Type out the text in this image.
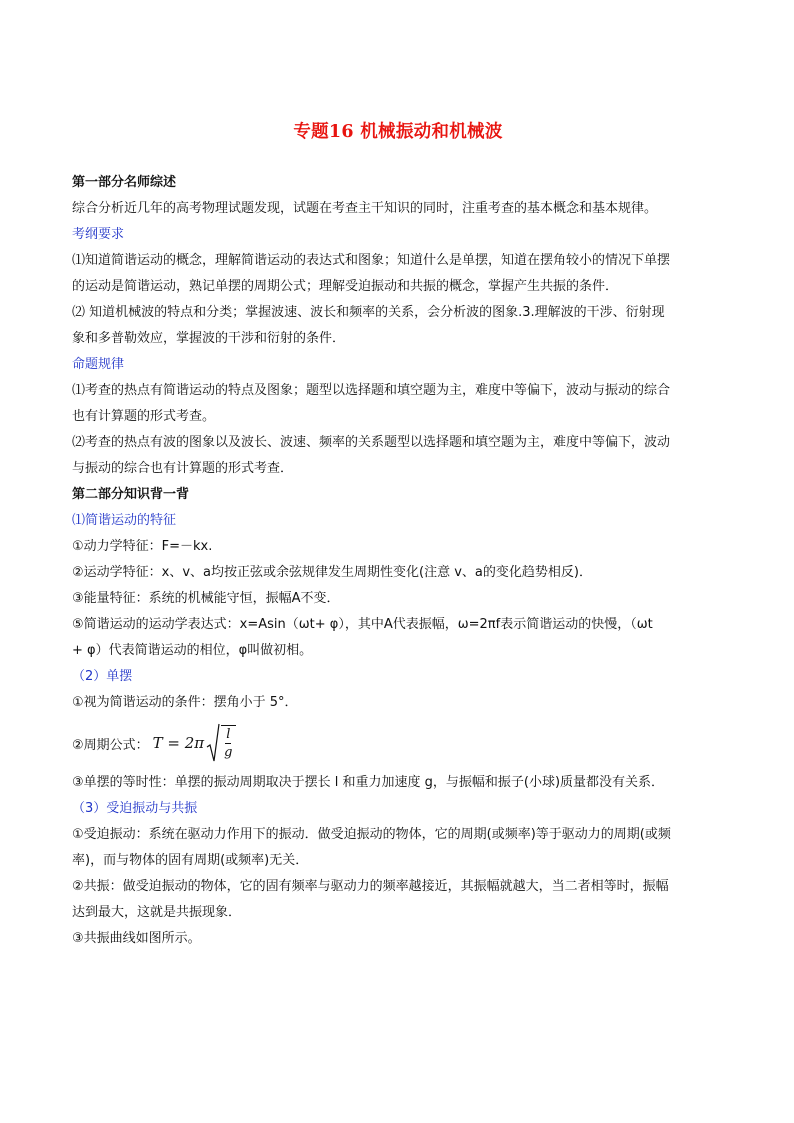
专题16 机械振动和机械波
第一部分名师综述
综合分析近几年的高考物理试题发现，试题在考查主干知识的同时，注重考查的基本概念和基本规律。
考纲要求
⑴知道简谐运动的概念，理解简谐运动的表达式和图象；知道什么是单摆，知道在摆角较小的情况下单摆
的运动是简谐运动，熟记单摆的周期公式；理解受迫振动和共振的概念，掌握产生共振的条件．
⑵ 知道机械波的特点和分类；掌握波速、波长和频率的关系，会分析波的图象.3.理解波的干涉、衍射现
象和多普勒效应，掌握波的干涉和衍射的条件．
命题规律
⑴考查的热点有简谐运动的特点及图象；题型以选择题和填空题为主，难度中等偏下，波动与振动的综合
也有计算题的形式考查。
⑵考查的热点有波的图象以及波长、波速、频率的关系题型以选择题和填空题为主，难度中等偏下，波动
与振动的综合也有计算题的形式考查．
第二部分知识背一背
⑴简谐运动的特征
①动力学特征：F=－kx.
②运动学特征：x、v、a均按正弦或余弦规律发生周期性变化(注意 v、a的变化趋势相反)．
③能量特征：系统的机械能守恒，振幅A不变．
⑤简谐运动的运动学表达式：x=Asin（ωt+ φ），其中A代表振幅，ω=2πf表示简谐运动的快慢，（ωt
+ φ）代表简谐运动的相位，φ叫做初相。
（2）单摆
①视为简谐运动的条件：摆角小于 5°．
②周期公式： $T = 2\pi \frac{l}{g}$
③单摆的等时性：单摆的振动周期取决于摆长 l 和重力加速度 g，与振幅和振子(小球)质量都没有关系．
（3）受迫振动与共振
①受迫振动：系统在驱动力作用下的振动．做受迫振动的物体，它的周期(或频率)等于驱动力的周期(或频
率)，而与物体的固有周期(或频率)无关．
②共振：做受迫振动的物体，它的固有频率与驱动力的频率越接近，其振幅就越大，当二者相等时，振幅
达到最大，这就是共振现象．
③共振曲线如图所示。
